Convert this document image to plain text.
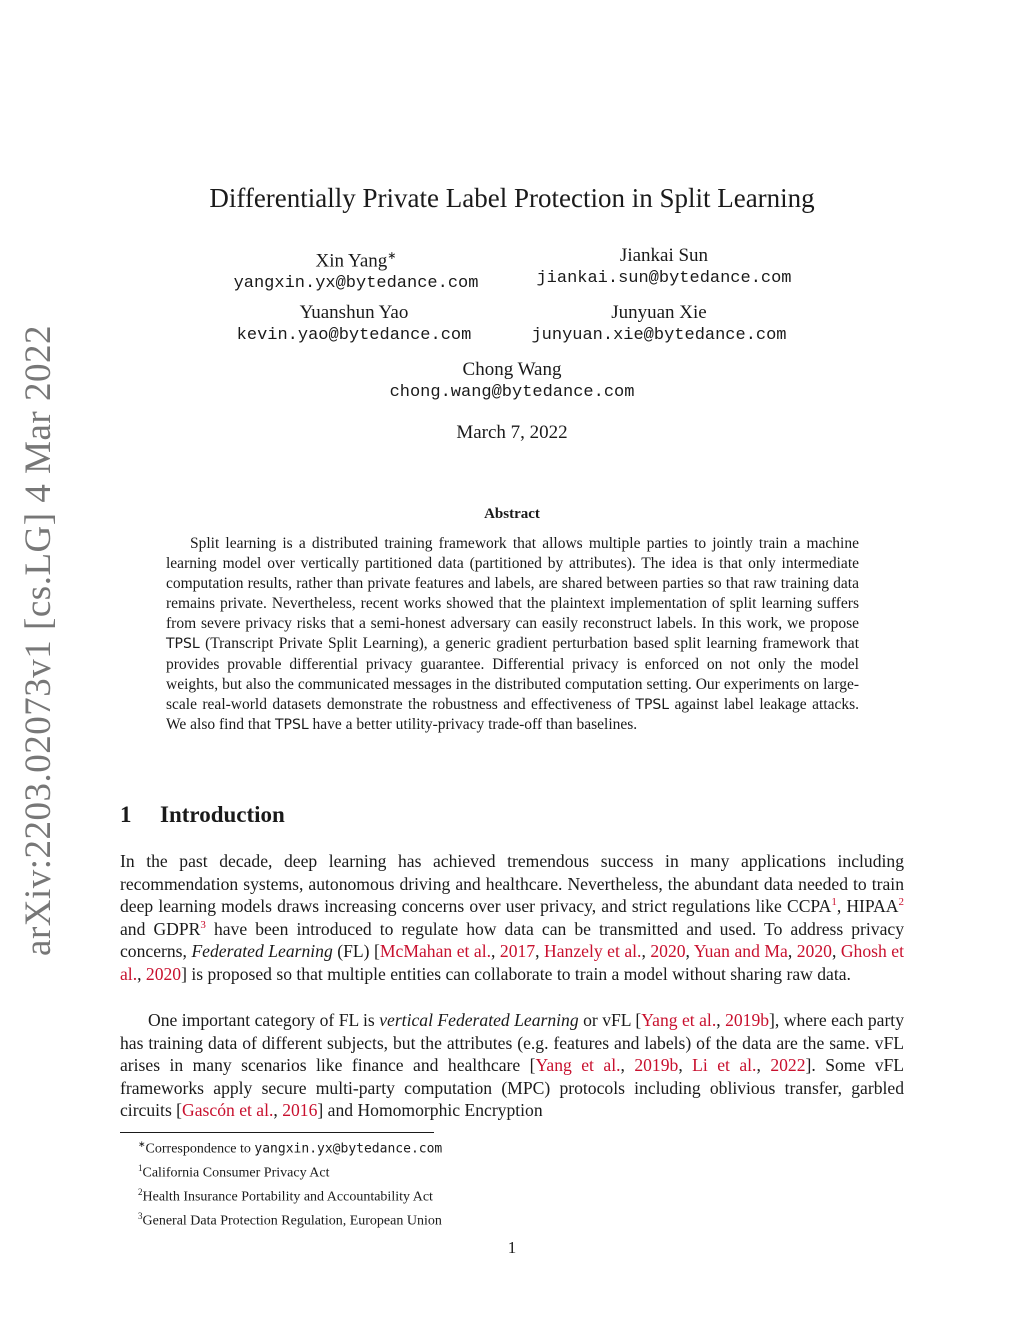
arXiv:2203.02073v1 [cs.LG] 4 Mar 2022
Differentially Private Label Protection in Split Learning
Xin Yang∗
yangxin.yx@bytedance.com
Jiankai Sun
jiankai.sun@bytedance.com
Yuanshun Yao
kevin.yao@bytedance.com
Junyuan Xie
junyuan.xie@bytedance.com
Chong Wang
chong.wang@bytedance.com
March 7, 2022
Abstract

Split learning is a distributed training framework that allows multiple parties to jointly train a machine learning model over vertically partitioned data (partitioned by attributes). The idea is that only intermediate computation results, rather than private features and labels, are shared between parties so that raw training data remains private. Nevertheless, recent works showed that the plaintext implementation of split learning suffers from severe privacy risks that a semi-honest adversary can easily reconstruct labels. In this work, we propose TPSL (Transcript Private Split Learning), a generic gradient perturbation based split learning framework that provides provable differential privacy guarantee. Differential privacy is enforced on not only the model weights, but also the communicated messages in the distributed computation setting. Our experiments on large-scale real-world datasets demonstrate the robustness and effectiveness of TPSL against label leakage attacks. We also find that TPSL have a better utility-privacy trade-off than baselines.

1 Introduction

In the past decade, deep learning has achieved tremendous success in many applications including recommendation systems, autonomous driving and healthcare. Nevertheless, the abundant data needed to train deep learning models draws increasing concerns over user privacy, and strict regulations like CCPA$^1$, HIPAA$^2$ and GDPR$^3$ have been introduced to regulate how data can be transmitted and used. To address privacy concerns, Federated Learning (FL) [McMahan et al., 2017, Hanzely et al., 2020, Yuan and Ma, 2020, Ghosh et al., 2020] is proposed so that multiple entities can collaborate to train a model without sharing raw data.

One important category of FL is vertical Federated Learning or vFL [Yang et al., 2019b], where each party has training data of different subjects, but the attributes (e.g. features and labels) of the data are the same. vFL arises in many scenarios like finance and healthcare [Yang et al., 2019b, Li et al., 2022]. Some vFL frameworks apply secure multi-party computation (MPC) protocols including oblivious transfer, garbled circuits [Gascón et al., 2016] and Homomorphic Encryption

∗Correspondence to yangxin.yx@bytedance.com
$^1$California Consumer Privacy Act
$^2$Health Insurance Portability and Accountability Act
$^3$General Data Protection Regulation, European Union
1
